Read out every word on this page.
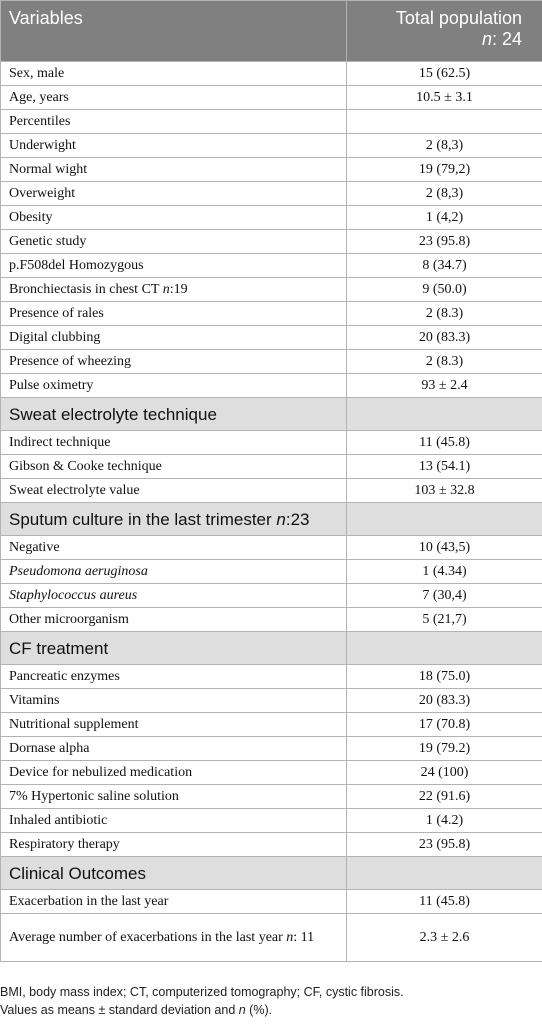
Variables	Total population
n: 24
Sex, male	15 (62.5)
Age, years	10.5 ± 3.1
Percentiles	
Underwight	2 (8,3)
Normal wight	19 (79,2)
Overweight	2 (8,3)
Obesity	1 (4,2)
Genetic study	23 (95.8)
p.F508del Homozygous	8 (34.7)
Bronchiectasis in chest CT n:19	9 (50.0)
Presence of rales	2 (8.3)
Digital clubbing	20 (83.3)
Presence of wheezing	2 (8.3)
Pulse oximetry	93 ± 2.4
Sweat electrolyte technique	
Indirect technique	11 (45.8)
Gibson & Cooke technique	13 (54.1)
Sweat electrolyte value	103 ± 32.8
Sputum culture in the last trimester n:23	
Negative	10 (43,5)
Pseudomona aeruginosa	1 (4.34)
Staphylococcus aureus	7 (30,4)
Other microorganism	5 (21,7)
CF treatment	
Pancreatic enzymes	18 (75.0)
Vitamins	20 (83.3)
Nutritional supplement	17 (70.8)
Dornase alpha	19 (79.2)
Device for nebulized medication	24 (100)
7% Hypertonic saline solution	22 (91.6)
Inhaled antibiotic	1 (4.2)
Respiratory therapy	23 (95.8)
Clinical Outcomes	
Exacerbation in the last year	11 (45.8)
Average number of exacerbations in the last year n: 11	2.3 ± 2.6
BMI, body mass index; CT, computerized tomography; CF, cystic fibrosis.
Values as means ± standard deviation and n (%).
